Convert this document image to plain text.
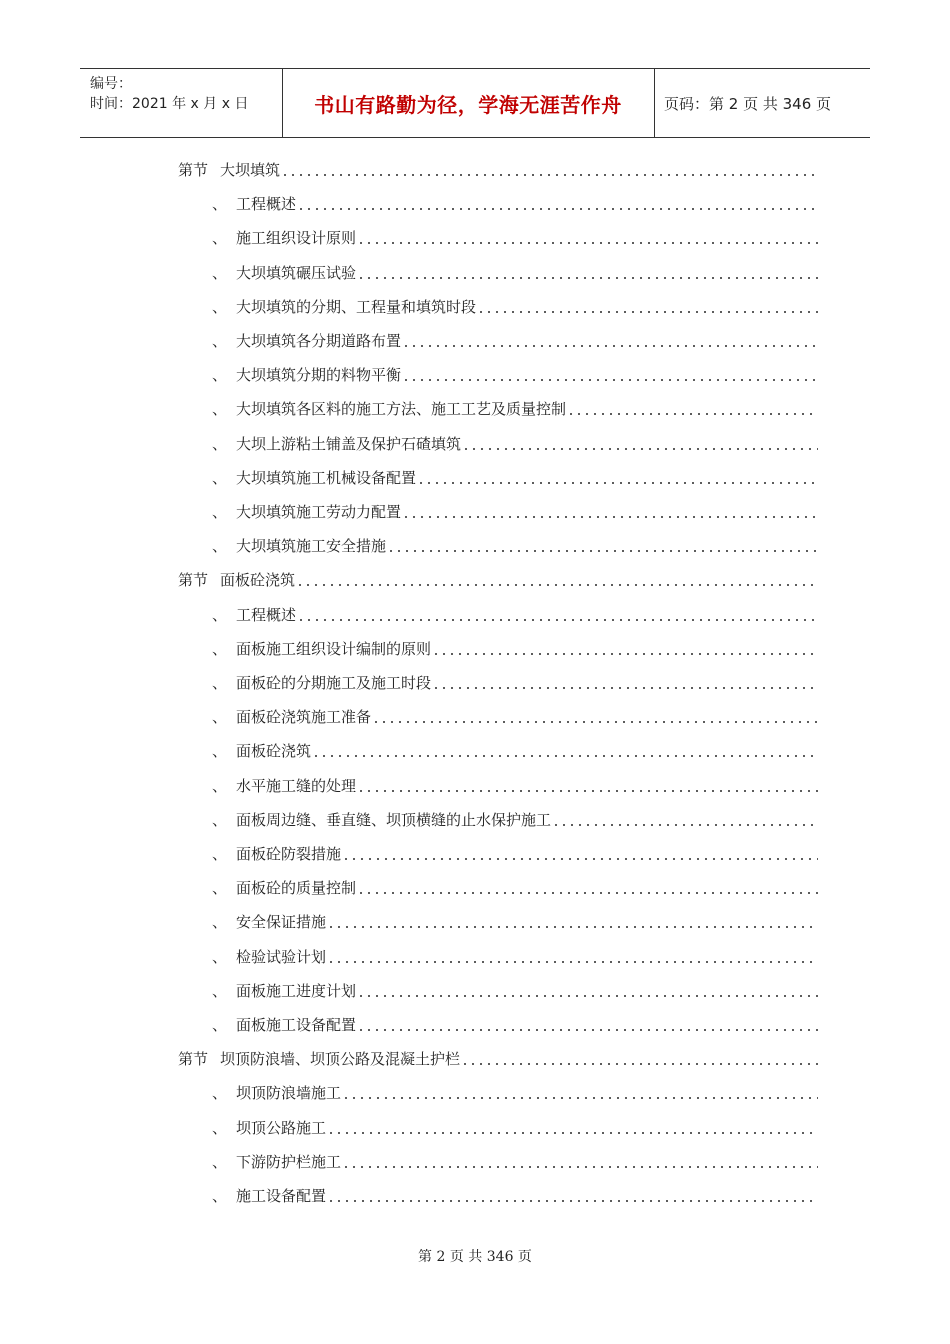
编号：
时间：2021 年 x 月 x 日	书山有路勤为径，学海无涯苦作舟	页码：第 2 页 共 346 页
第节 大坝填筑
、 工程概述
、 施工组织设计原则
、 大坝填筑碾压试验
、 大坝填筑的分期、工程量和填筑时段
、 大坝填筑各分期道路布置
、 大坝填筑分期的料物平衡
、 大坝填筑各区料的施工方法、施工工艺及质量控制
、 大坝上游粘土铺盖及保护石碴填筑
、 大坝填筑施工机械设备配置
、 大坝填筑施工劳动力配置
、 大坝填筑施工安全措施
第节 面板砼浇筑
、 工程概述
、 面板施工组织设计编制的原则
、 面板砼的分期施工及施工时段
、 面板砼浇筑施工准备
、 面板砼浇筑
、 水平施工缝的处理
、 面板周边缝、垂直缝、坝顶横缝的止水保护施工
、 面板砼防裂措施
、 面板砼的质量控制
、 安全保证措施
、 检验试验计划
、 面板施工进度计划
、 面板施工设备配置
第节 坝顶防浪墙、坝顶公路及混凝土护栏
、 坝顶防浪墙施工
、 坝顶公路施工
、 下游防护栏施工
、 施工设备配置
第 2 页 共 346 页
